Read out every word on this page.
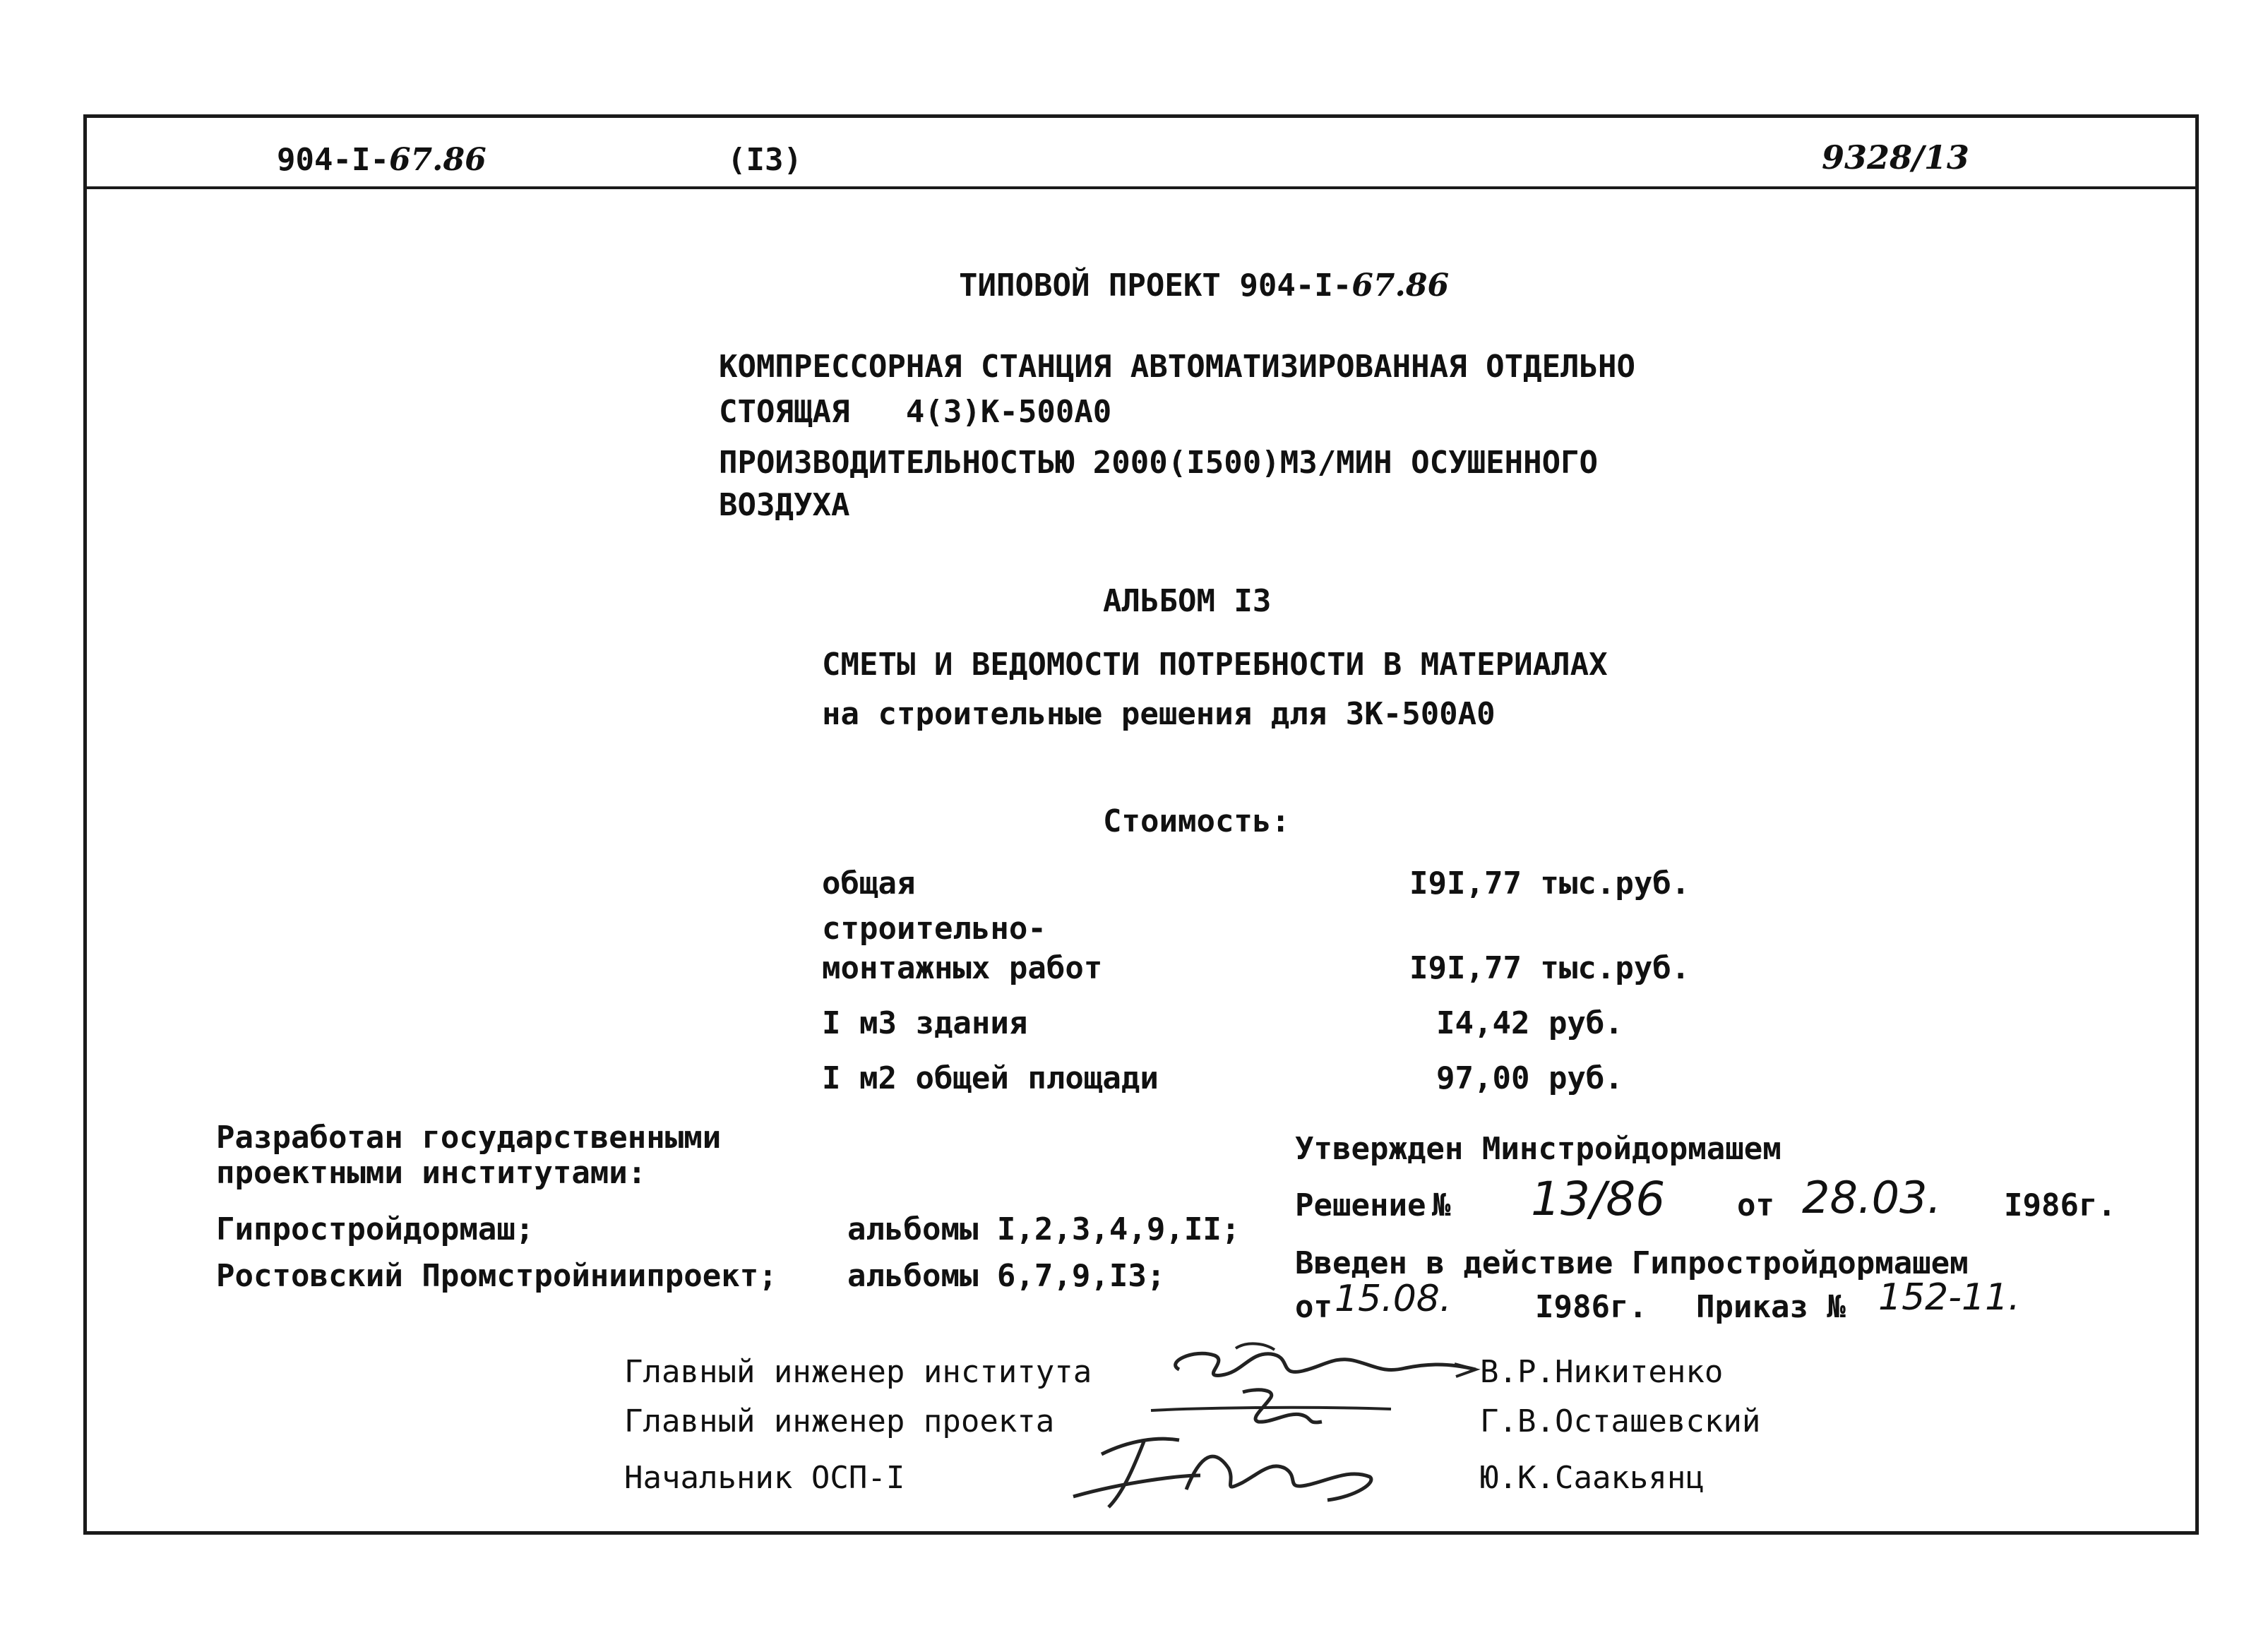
904-I-67.86	(I3)	9328/13
ТИПОВОЙ ПРОЕКТ 904-I-67.86
КОМПРЕССОРНАЯ СТАНЦИЯ АВТОМАТИЗИРОВАННАЯ ОТДЕЛЬНО
СТОЯЩАЯ   4(3)К-500А0
ПРОИЗВОДИТЕЛЬНОСТЬЮ 2000(I500)М3/МИН ОСУШЕННОГО
ВОЗДУХА
АЛЬБОМ I3
СМЕТЫ И ВЕДОМОСТИ ПОТРЕБНОСТИ В МАТЕРИАЛАХ
на строительные решения для 3К-500А0
Стоимость:
общая	I9I,77 тыс.руб.
строительно-
монтажных работ	I9I,77 тыс.руб.
I м3 здания	I4,42 руб.
I м2 общей площади	97,00 руб.
Разработан государственными
проектными институтами:
Гипростройдормаш;	альбомы I,2,3,4,9,II;
Ростовский Промстройниипроект; альбомы 6,7,9,I3;
Утвержден Минстройдормашем
Решение № 13/86 от 28.03. I986г.
Введен в действие Гипростройдормашем
от 15.08.	I986г. Приказ № 152-11.
Главный инженер института	В.Р.Никитенко
Главный инженер проекта	Г.В.Осташевский
Начальник ОСП-I	Ю.К.Саакьянц
